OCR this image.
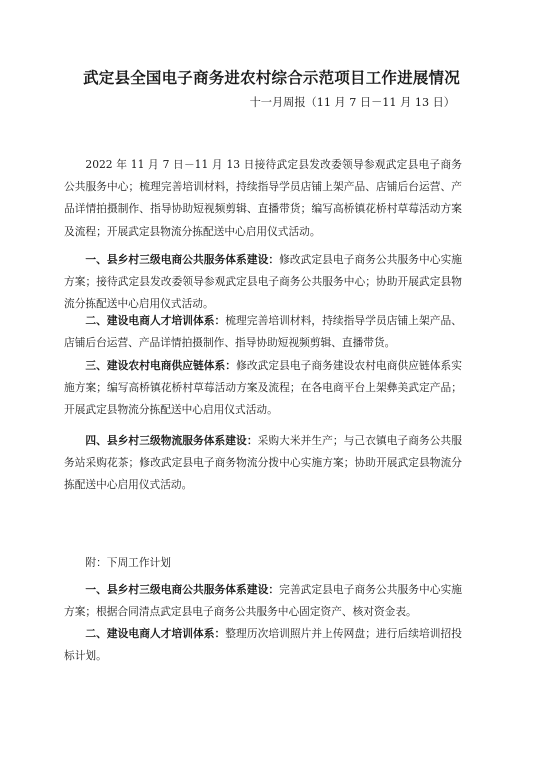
武定县全国电子商务进农村综合示范项目工作进展情况
十一月周报（11 月 7 日－11 月 13 日）

2022 年 11 月 7 日－11 月 13 日接待武定县发改委领导参观武定县电子商务公共服务中心；梳理完善培训材料，持续指导学员店铺上架产品、店铺后台运营、产品详情拍摄制作、指导协助短视频剪辑、直播带货；编写高桥镇花桥村草莓活动方案及流程；开展武定县物流分拣配送中心启用仪式活动。

一、县乡村三级电商公共服务体系建设：修改武定县电子商务公共服务中心实施方案；接待武定县发改委领导参观武定县电子商务公共服务中心；协助开展武定县物流分拣配送中心启用仪式活动。

二、建设电商人才培训体系：梳理完善培训材料，持续指导学员店铺上架产品、店铺后台运营、产品详情拍摄制作、指导协助短视频剪辑、直播带货。

三、建设农村电商供应链体系：修改武定县电子商务建设农村电商供应链体系实施方案；编写高桥镇花桥村草莓活动方案及流程；在各电商平台上架彝美武定产品；开展武定县物流分拣配送中心启用仪式活动。

四、县乡村三级物流服务体系建设：采购大米并生产；与己衣镇电子商务公共服务站采购花茶；修改武定县电子商务物流分拨中心实施方案；协助开展武定县物流分拣配送中心启用仪式活动。

附：下周工作计划

一、县乡村三级电商公共服务体系建设：完善武定县电子商务公共服务中心实施方案；根据合同清点武定县电子商务公共服务中心固定资产、核对资金表。

二、建设电商人才培训体系：整理历次培训照片并上传网盘；进行后续培训招投标计划。
